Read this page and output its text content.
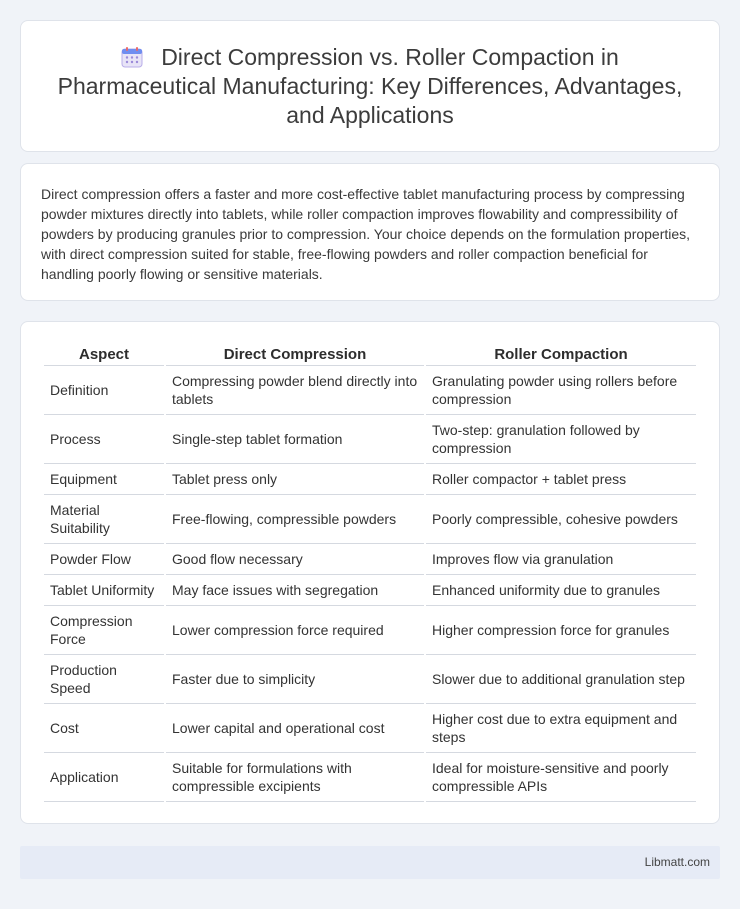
Direct Compression vs. Roller Compaction in Pharmaceutical Manufacturing: Key Differences, Advantages, and Applications

Direct compression offers a faster and more cost-effective tablet manufacturing process by compressing powder mixtures directly into tablets, while roller compaction improves flowability and compressibility of powders by producing granules prior to compression. Your choice depends on the formulation properties, with direct compression suited for stable, free-flowing powders and roller compaction beneficial for handling poorly flowing or sensitive materials.

Aspect	Direct Compression	Roller Compaction
Definition	Compressing powder blend directly into tablets	Granulating powder using rollers before compression
Process	Single-step tablet formation	Two-step: granulation followed by compression
Equipment	Tablet press only	Roller compactor + tablet press
Material Suitability	Free-flowing, compressible powders	Poorly compressible, cohesive powders
Powder Flow	Good flow necessary	Improves flow via granulation
Tablet Uniformity	May face issues with segregation	Enhanced uniformity due to granules
Compression Force	Lower compression force required	Higher compression force for granules
Production Speed	Faster due to simplicity	Slower due to additional granulation step
Cost	Lower capital and operational cost	Higher cost due to extra equipment and steps
Application	Suitable for formulations with compressible excipients	Ideal for moisture-sensitive and poorly compressible APIs
Libmatt.com
